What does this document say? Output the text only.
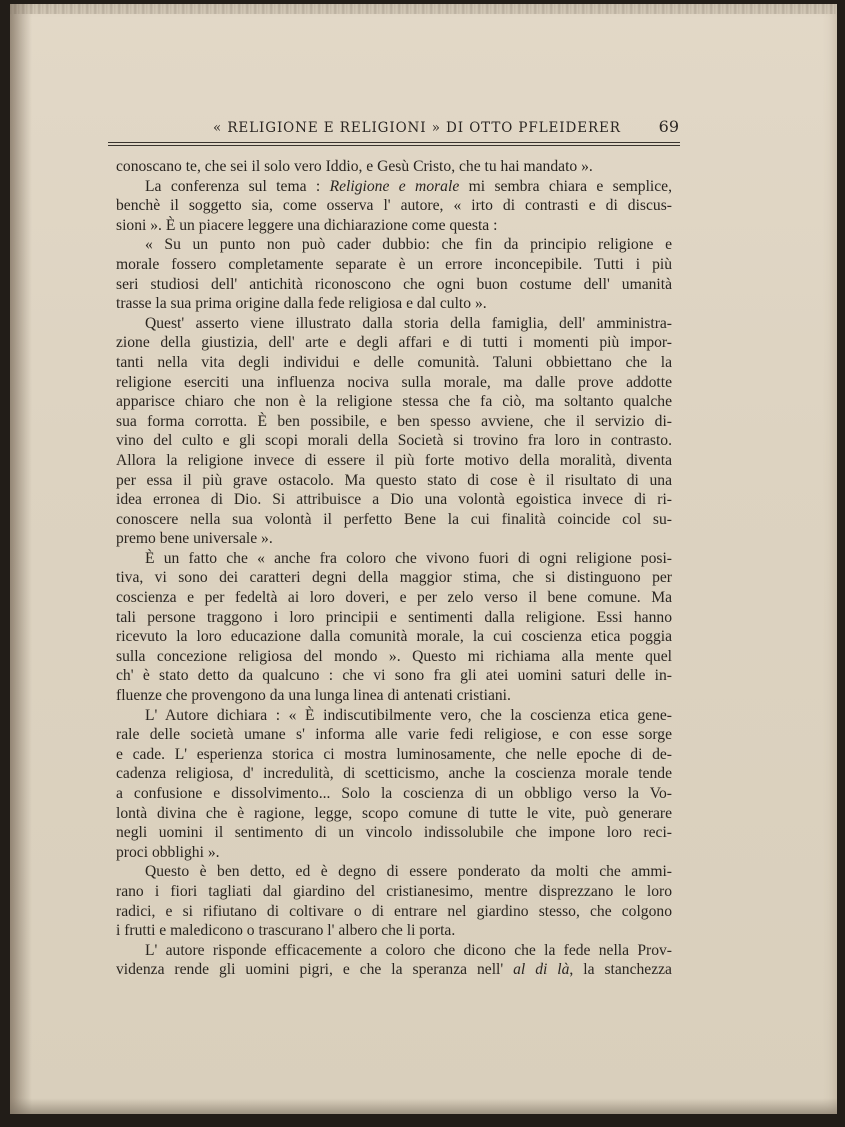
« RELIGIONE E RELIGIONI » DI OTTO PFLEIDERER 69
conoscano te, che sei il solo vero Iddio, e Gesù Cristo, che tu hai mandato ».
La conferenza sul tema : Religione e morale mi sembra chiara e semplice,
benchè il soggetto sia, come osserva l' autore, « irto di contrasti e di discus-
sioni ». È un piacere leggere una dichiarazione come questa :
« Su un punto non può cader dubbio: che fin da principio religione e
morale fossero completamente separate è un errore inconcepibile. Tutti i più
seri studiosi dell' antichità riconoscono che ogni buon costume dell' umanità
trasse la sua prima origine dalla fede religiosa e dal culto ».
Quest' asserto viene illustrato dalla storia della famiglia, dell' amministra-
zione della giustizia, dell' arte e degli affari e di tutti i momenti più impor-
tanti nella vita degli individui e delle comunità. Taluni obbiettano che la
religione eserciti una influenza nociva sulla morale, ma dalle prove addotte
apparisce chiaro che non è la religione stessa che fa ciò, ma soltanto qualche
sua forma corrotta. È ben possibile, e ben spesso avviene, che il servizio di-
vino del culto e gli scopi morali della Società si trovino fra loro in contrasto.
Allora la religione invece di essere il più forte motivo della moralità, diventa
per essa il più grave ostacolo. Ma questo stato di cose è il risultato di una
idea erronea di Dio. Si attribuisce a Dio una volontà egoistica invece di ri-
conoscere nella sua volontà il perfetto Bene la cui finalità coincide col su-
premo bene universale ».
È un fatto che « anche fra coloro che vivono fuori di ogni religione posi-
tiva, vi sono dei caratteri degni della maggior stima, che si distinguono per
coscienza e per fedeltà ai loro doveri, e per zelo verso il bene comune. Ma
tali persone traggono i loro principii e sentimenti dalla religione. Essi hanno
ricevuto la loro educazione dalla comunità morale, la cui coscienza etica poggia
sulla concezione religiosa del mondo ». Questo mi richiama alla mente quel
ch' è stato detto da qualcuno : che vi sono fra gli atei uomini saturi delle in-
fluenze che provengono da una lunga linea di antenati cristiani.
L' Autore dichiara : « È indiscutibilmente vero, che la coscienza etica gene-
rale delle società umane s' informa alle varie fedi religiose, e con esse sorge
e cade. L' esperienza storica ci mostra luminosamente, che nelle epoche di de-
cadenza religiosa, d' incredulità, di scetticismo, anche la coscienza morale tende
a confusione e dissolvimento... Solo la coscienza di un obbligo verso la Vo-
lontà divina che è ragione, legge, scopo comune di tutte le vite, può generare
negli uomini il sentimento di un vincolo indissolubile che impone loro reci-
proci obblighi ».
Questo è ben detto, ed è degno di essere ponderato da molti che ammi-
rano i fiori tagliati dal giardino del cristianesimo, mentre disprezzano le loro
radici, e si rifiutano di coltivare o di entrare nel giardino stesso, che colgono
i frutti e maledicono o trascurano l' albero che li porta.
L' autore risponde efficacemente a coloro che dicono che la fede nella Prov-
videnza rende gli uomini pigri, e che la speranza nell' al di là, la stanchezza
